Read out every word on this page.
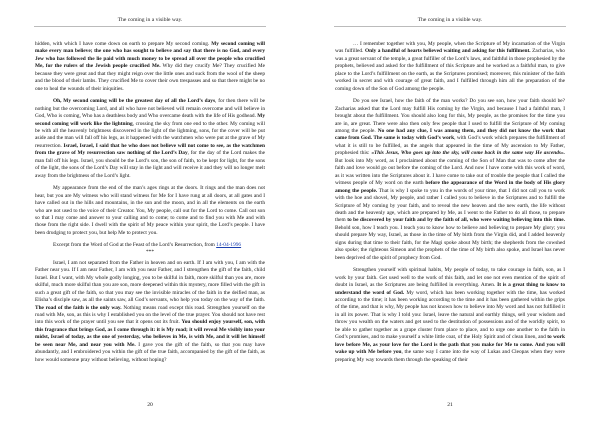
The coming in a visible way.

hidden, with which I have come down on earth to prepare My second coming. My second coming will make every man believe; the one who has sought to believe and say that there is no God, and every Jew who has followed the lie paid with much money to be spread all over the people who crucified Me, for the rulers of the Jewish people crucified Me. Why did they crucify Me? They crucified Me because they were great and that they might reign over the little ones and suck from the wool of the sheep and the blood of their lambs. They crucified Me to cover their own trespasses and so that there might be no one to heal the wounds of their iniquities.

Oh, My second coming will be the greatest day of all the Lord’s days, for then there will be nothing but the overcoming Lord, and all who have not believed will remain overcome and will believe in God, Who is coming, Who has a deathless body and Who overcame death with the life of His godhead. My second coming will work like the lightning, crossing the sky from one end to the other. My coming will be with all the heavenly brightness discovered in the light of the lightning, sons, for the cover will be put aside and the man will fall off his legs, as it happened with the watchmen who were put at the grave of My resurrection. Israel, Israel, I said that he who does not believe will not come to see, as the watchmen from the grave of My resurrection saw nothing of the Lord’s Day, for the day of the Lord makes the man fall off his legs. Israel, you should be the Lord’s son, the son of faith, to be kept for light, for the sons of the light, the sons of the Lord’s Day will stay in the light and will receive it and they will no longer melt away from the brightness of the Lord’s light.

My appearance from the end of the man’s ages rings at the doors. It rings and the man does not hear, but you are My witness who will stand witness for Me for I have rung at all doors, at all gates and I have called out in the hills and mountains, in the sun and the moon, and in all the elements on the earth who are not used to the voice of their Creator. You, My people, call out for the Lord to come. Call out son so that I may come and answer to your calling and to come; to come and to find you with Me and with those from the right side. I dwell with the spirit of My peace within your spirit, the Lord’s people. I have been drudging to protect you, but help Me to protect you.

Excerpt from the Word of God at the Feast of the Lord’s Resurrection, from 14-04-1996

***

Israel, I am not separated from the Father in heaven and on earth. If I am with you, I am with the Father near you. If I am near Father, I am with you near Father, and I strengthen the gift of the faith, child Israel. But I want, with My whole godly longing, you to be skilful in faith, more skilful than you are, more skilful, much more skilful than you are son, more deepened within this mystery, more filled with the gift in such a great gift of the faith, so that you may see the invisible miracles of the faith in the deified man, as Elisha’s disciple saw, as all the saints saw, all God’s servants, who help you today on the way of the faith. The road of the faith is the only way. Nothing means road except this road. Strengthen yourself on the road with Me, son, as this is why I established you on the level of the true prayer. You should not have rest into this work of the prayer until you see that it opens out its fruit. You should enjoy yourself, son, with this fragrance that brings God, as I come through it: it is My road; it will reveal Me visibly into your midst, Israel of today, as the one of yesterday, who believes in Me, is with Me, and it will let himself be seen near Me, and near you with Me. I gave you the gift of the faith, so that you may have abundantly, and I embroidered you within the gift of the true faith, accompanied by the gift of the faith, as how would someone pray without believing, without hoping?

20
The coming in a visible way.

… I remember together with you, My people, when the Scripture of My incarnation of the Virgin was fulfilled. Only a handful of hearts believed waiting and asking for this fulfilment. Zacharias, who was a great servant of the temple, a great fulfiller of the Lord’s laws, and faithful in those prophesied by the prophets, believed and asked for the fulfillment of this Scripture and he worked as a faithful man, to give place to the Lord’s fulfillment on the earth, as the Scriptures promised; moreover, this minister of the faith worked in secret and with courage of great faith, and I fulfilled through him all the preparation of the coming down of the Son of God among the people.

Do you see Israel, how the faith of the man works? Do you see son, how your faith should be? Zacharias asked that the Lord may fulfill His coming by the Virgin, and because I had a faithful man, I brought about the fulfillment. You should also long for this, My people, as the promises for the time you are in, are great. There were also then only few people that I used to fulfill the Scripture of My coming among the people. No one had any clue, I was among them, and they did not know the work that came from God. The same is today with God’s work, with God’s work which prepares the fulfillment of what it is still to be fulfilled, as the angels that appeared in the time of My ascension to My Father, prophesied this: «This Jesus, Who goes up into the sky, will come back in the same way He ascends». But look into My word, as I proclaimed about the coming of the Son of Man that was to come after the faith and love would go out before the coming of the Lord. And now I have come with this work of word, as it was written into the Scriptures about it. I have come to take out of trouble the people that I called the witness people of My word on the earth before the appearance of the Word in the body of His glory among the people. That is why I spoke to you in the words of your time, that I did not call you to work with the hoe and shovel, My people, and rather I called you to believe in the Scriptures and to fulfill the Scripture of My coming by your faith, and to reveal the new heaven and the new earth, the life without death and the heavenly age, which are prepared by Me, as I went to the Father to do all those, to prepare them to be discovered by your faith and by the faith of all, who were waiting believing into this time. Behold son, how I teach you. I teach you to know how to believe and believing to prepare My glory; you should prepare My way, Israel, as those in the time of My birth from the Virgin did, and I added heavenly signs during that time to their faith, for the Magi spoke about My birth; the shepherds from the cowshed also spoke; the righteous Simeon and the prophets of the time of My birth also spoke, and Israel has never been deprived of the spirit of prophecy from God.

Strengthen yourself with spiritual habits, My people of today, to take courage in faith, son, as I work by your faith. Get used well to the work of this faith, and let one not even mention of the spirit of doubt in Israel, as the Scriptures are being fulfilled in everything. Amen. It is a great thing to know to understand the word of God. My word, which has been working together with the time, has worked according to the time; it has been working according to the time and it has been gathered within the grips of the time, and that is why, My people has not known how to believe into My word and has not fulfilled it in all its power. That is why I told you: Israel, leave the natural and earthly things, sell your wisdom and throw you wealth on the waters and get used to the destitution of possessions and of the worldly spirit, to be able to gather together as a grape cluster from place to place, and to urge one another to the faith in God’s promises, and to make yourself a white little coat, of the Holy Spirit and of clean linen, and to work love before Me, as your love for the Lord is the path that you make for Me to come. And you will wake up with Me before you, the same way I came into the way of Lukas and Cleopas when they were preparing My way towards them through the speaking of their

21
